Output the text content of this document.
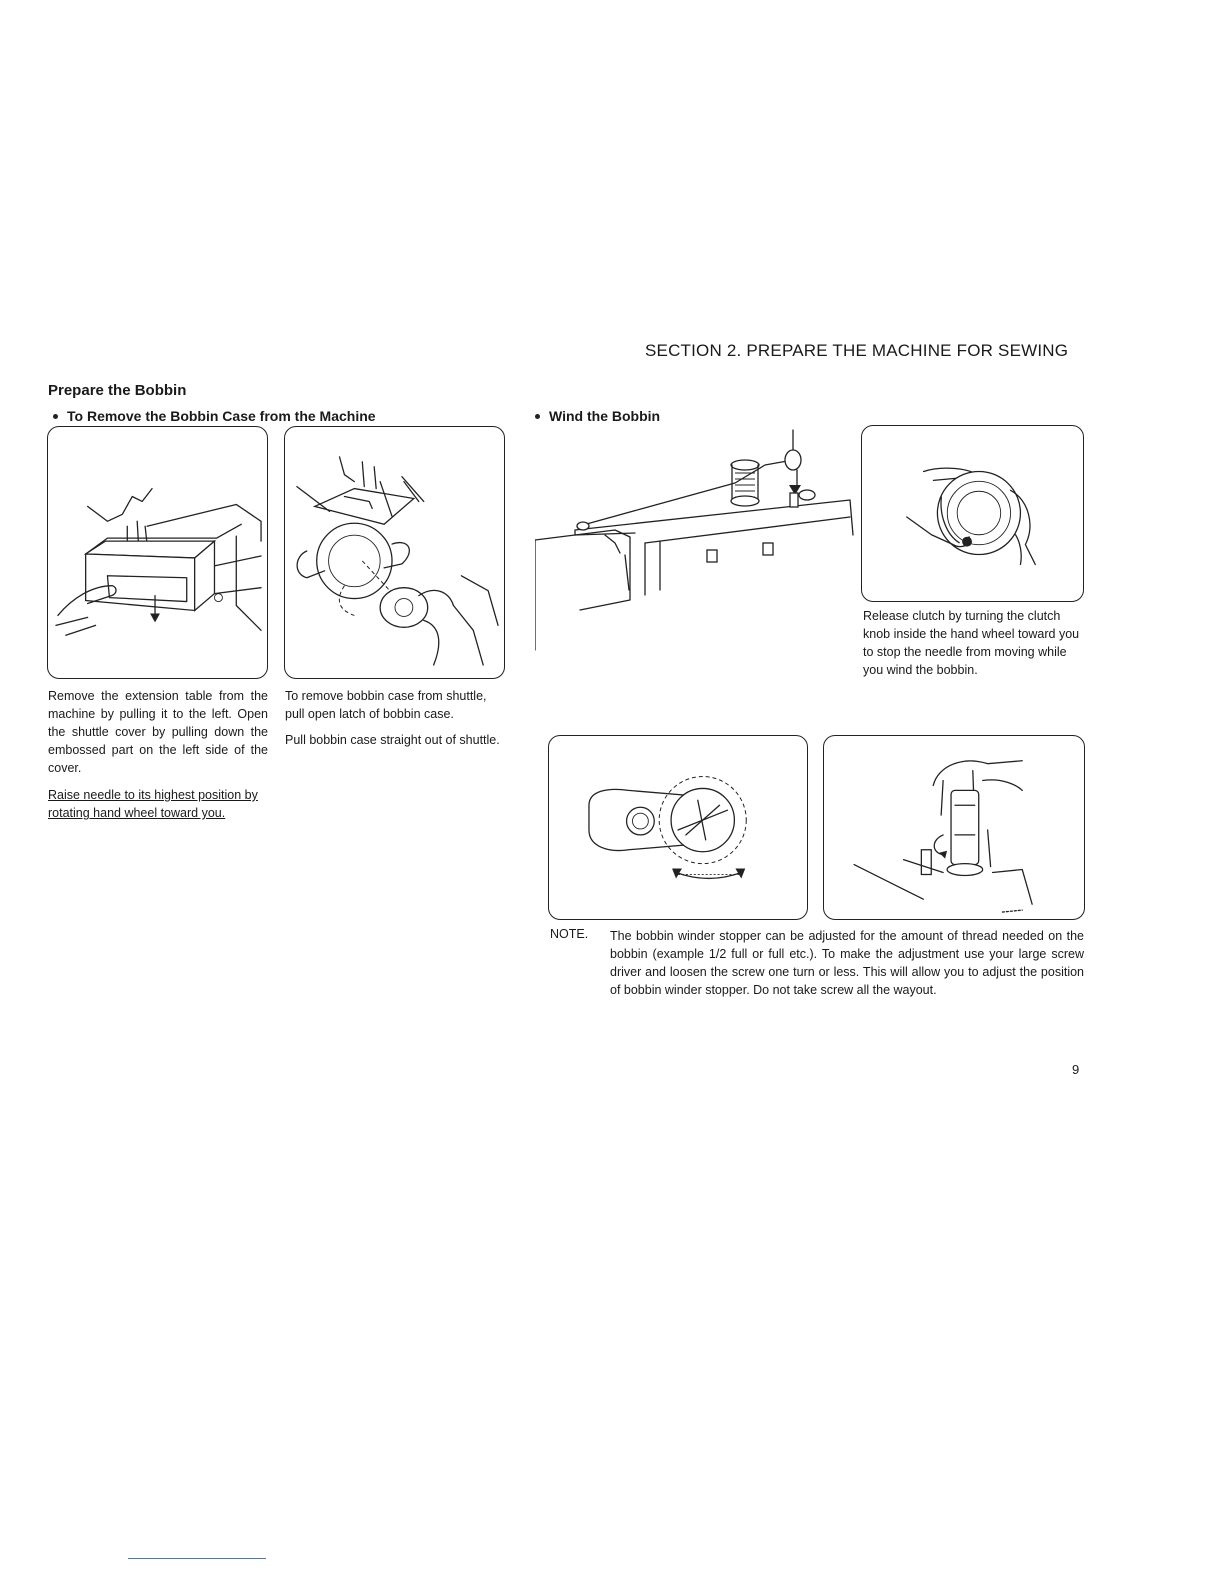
SECTION 2. PREPARE THE MACHINE FOR SEWING
Prepare the Bobbin
To Remove the Bobbin Case from the Machine	Wind the Bobbin
Remove the extension table from the machine by pulling it to the left. Open the shuttle cover by pulling down the embossed part on the left side of the cover.
Raise needle to its highest position by rotating hand wheel toward you.
To remove bobbin case from shuttle, pull open latch of bobbin case.
Pull bobbin case straight out of shuttle.
Release clutch by turning the clutch knob inside the hand wheel toward you to stop the needle from moving while you wind the bobbin.
NOTE. The bobbin winder stopper can be adjusted for the amount of thread needed on the bobbin (example 1/2 full or full etc.). To make the adjustment use your large screw driver and loosen the screw one turn or less. This will allow you to adjust the position of bobbin winder stopper. Do not take screw all the wayout.
9
